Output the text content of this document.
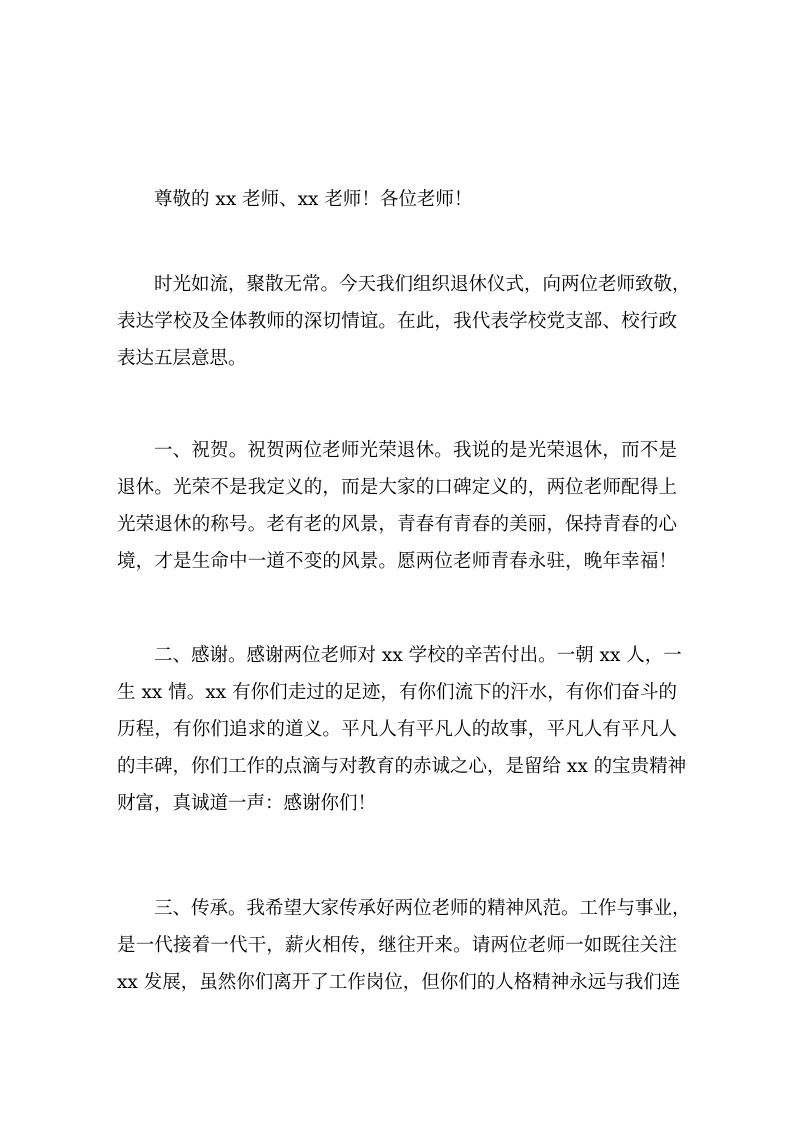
尊敬的 xx 老师、xx 老师！各位老师！
时光如流，聚散无常。今天我们组织退休仪式，向两位老师致敬，
表达学校及全体教师的深切情谊。在此，我代表学校党支部、校行政
表达五层意思。
一、祝贺。祝贺两位老师光荣退休。我说的是光荣退休，而不是
退休。光荣不是我定义的，而是大家的口碑定义的，两位老师配得上
光荣退休的称号。老有老的风景，青春有青春的美丽，保持青春的心
境，才是生命中一道不变的风景。愿两位老师青春永驻，晚年幸福！
二、感谢。感谢两位老师对 xx 学校的辛苦付出。一朝 xx 人，一
生 xx 情。xx 有你们走过的足迹，有你们流下的汗水，有你们奋斗的
历程，有你们追求的道义。平凡人有平凡人的故事，平凡人有平凡人
的丰碑，你们工作的点滴与对教育的赤诚之心，是留给 xx 的宝贵精神
财富，真诚道一声：感谢你们！
三、传承。我希望大家传承好两位老师的精神风范。工作与事业，
是一代接着一代干，薪火相传，继往开来。请两位老师一如既往关注
xx 发展，虽然你们离开了工作岗位，但你们的人格精神永远与我们连
